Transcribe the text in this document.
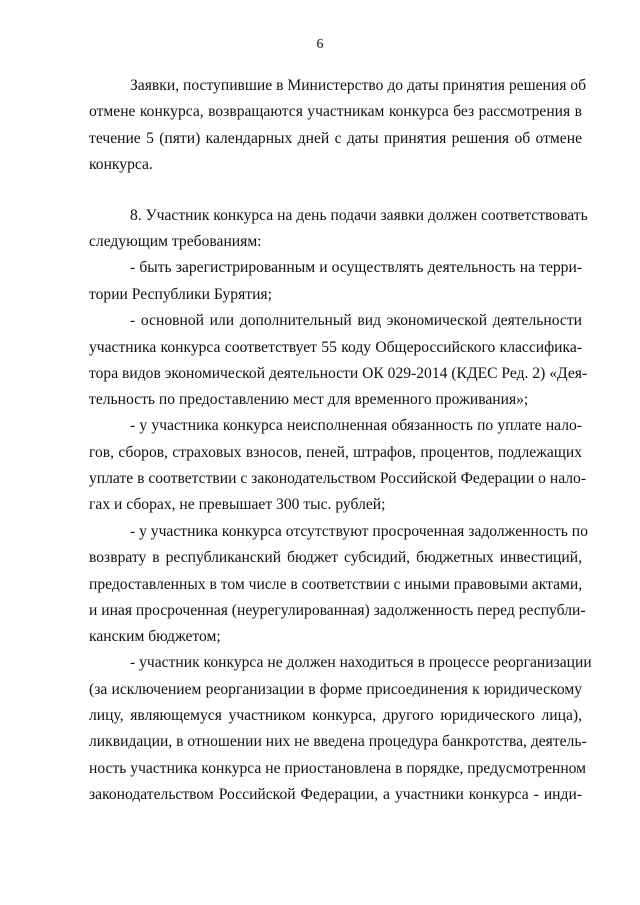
6
Заявки, поступившие в Министерство до даты принятия решения об
отмене конкурса, возвращаются участникам конкурса без рассмотрения в
течение 5 (пяти) календарных дней с даты принятия решения об отмене
конкурса.
8. Участник конкурса на день подачи заявки должен соответствовать
следующим требованиям:
- быть зарегистрированным и осуществлять деятельность на терри-
тории Республики Бурятия;
- основной или дополнительный вид экономической деятельности
участника конкурса соответствует 55 коду Общероссийского классифика-
тора видов экономической деятельности ОК 029-2014 (КДЕС Ред. 2) «Дея-
тельность по предоставлению мест для временного проживания»;
- у участника конкурса неисполненная обязанность по уплате нало-
гов, сборов, страховых взносов, пеней, штрафов, процентов, подлежащих
уплате в соответствии с законодательством Российской Федерации о нало-
гах и сборах, не превышает 300 тыс. рублей;
- у участника конкурса отсутствуют просроченная задолженность по
возврату в республиканский бюджет субсидий, бюджетных инвестиций,
предоставленных в том числе в соответствии с иными правовыми актами,
и иная просроченная (неурегулированная) задолженность перед республи-
канским бюджетом;
- участник конкурса не должен находиться в процессе реорганизации
(за исключением реорганизации в форме присоединения к юридическому
лицу, являющемуся участником конкурса, другого юридического лица),
ликвидации, в отношении них не введена процедура банкротства, деятель-
ность участника конкурса не приостановлена в порядке, предусмотренном
законодательством Российской Федерации, а участники конкурса - инди-
